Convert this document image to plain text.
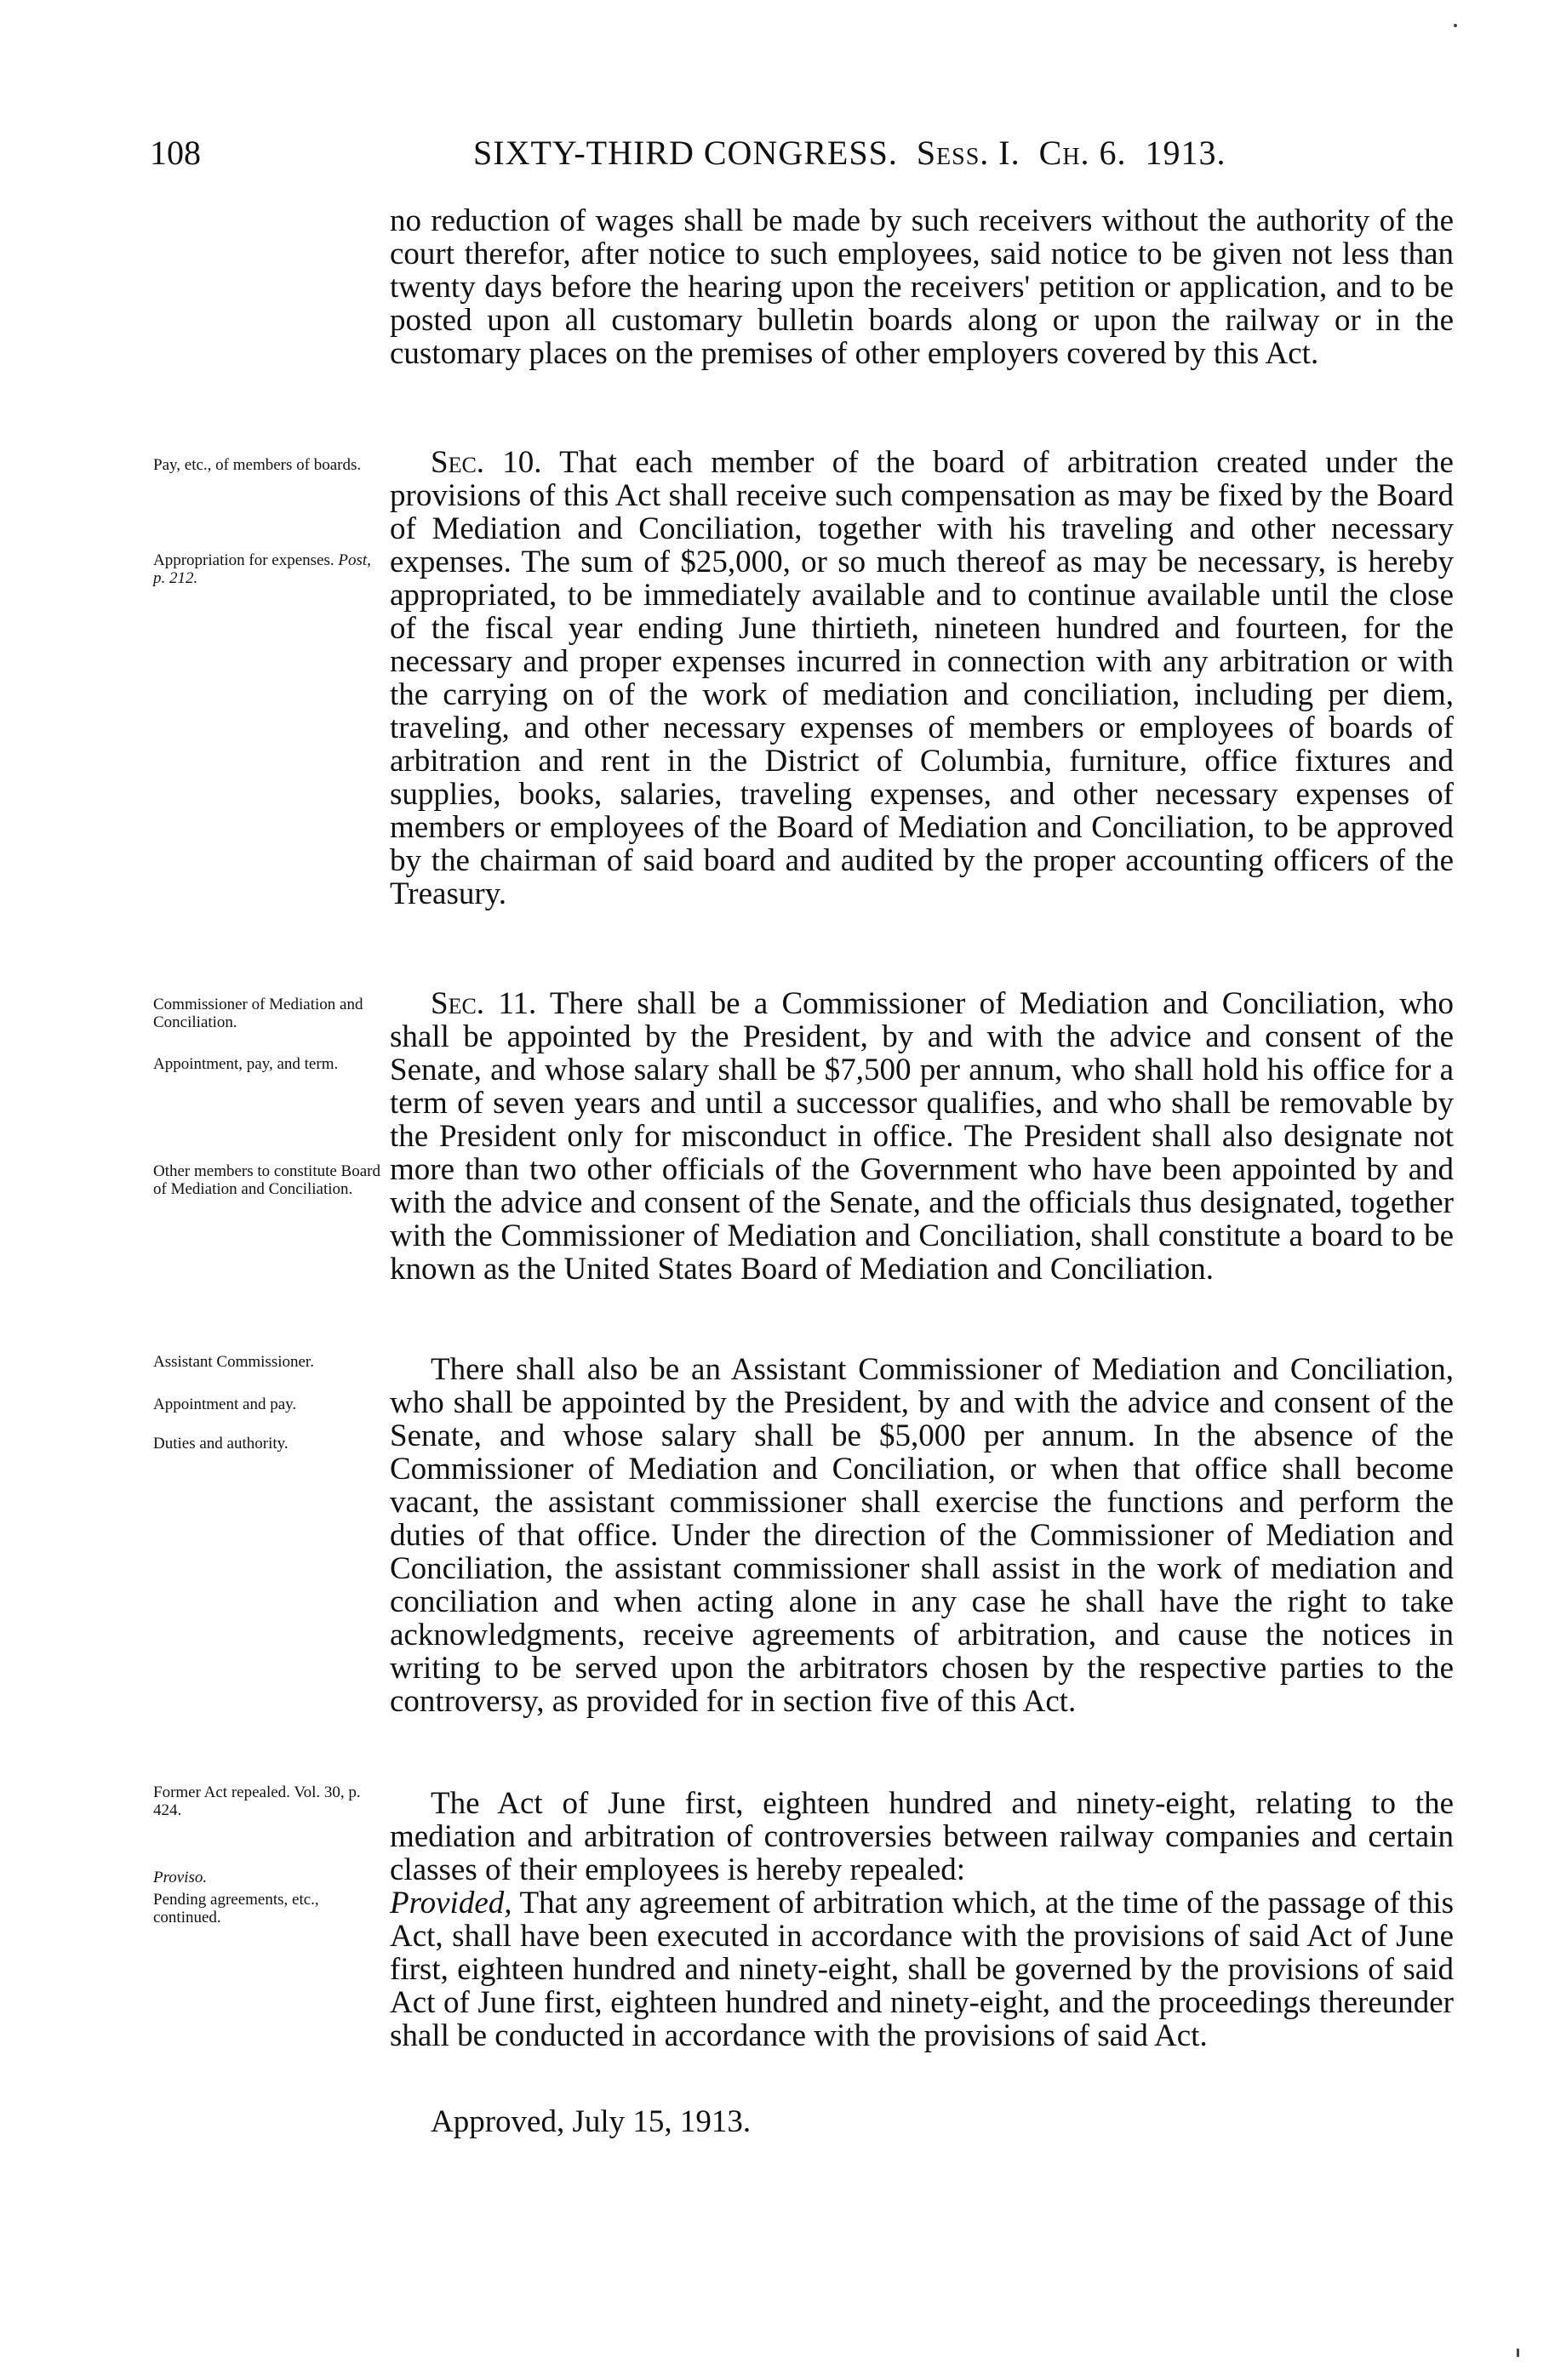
108	SIXTY-THIRD CONGRESS. Sess. I. Ch. 6. 1913.

no reduction of wages shall be made by such receivers without the authority of the court therefor, after notice to such employees, said notice to be given not less than twenty days before the hearing upon the receivers' petition or application, and to be posted upon all customary bulletin boards along or upon the railway or in the customary places on the premises of other employers covered by this Act.

Pay, etc., of members of boards.	Sec. 10. That each member of the board of arbitration created under the provisions of this Act shall receive such compensation as may be fixed by the Board of Mediation and Conciliation, together with his traveling and other necessary expenses. The sum of $25,000, or so much thereof as may be necessary, is hereby appropriated, to be immediately available and to continue available until the close of the fiscal year ending June thirtieth, nineteen hundred and fourteen, for the necessary and proper expenses incurred in connection with any arbitration or with the carrying on of the work of mediation and conciliation, including per diem, traveling, and other necessary expenses of members or employees of boards of arbitration and rent in the District of Columbia, furniture, office fixtures and supplies, books, salaries, traveling expenses, and other necessary expenses of members or employees of the Board of Mediation and Conciliation, to be approved by the chairman of said board and audited by the proper accounting officers of the Treasury.

Appropriation for expenses. Post, p. 212.

Commissioner of Mediation and Conciliation.

Appointment, pay, and term.

Sec. 11. There shall be a Commissioner of Mediation and Conciliation, who shall be appointed by the President, by and with the advice and consent of the Senate, and whose salary shall be $7,500 per annum, who shall hold his office for a term of seven years and until a successor qualifies, and who shall be removable by the President only for misconduct in office. The President shall also designate not more than two other officials of the Government who have been appointed by and with the advice and consent of the Senate, and the officials thus designated, together with the Commissioner of Mediation and Conciliation, shall constitute a board to be known as the United States Board of Mediation and Conciliation.

Other members to constitute Board of Mediation and Conciliation.

Assistant Commissioner.

Appointment and pay.

Duties and authority.

There shall also be an Assistant Commissioner of Mediation and Conciliation, who shall be appointed by the President, by and with the advice and consent of the Senate, and whose salary shall be $5,000 per annum. In the absence of the Commissioner of Mediation and Conciliation, or when that office shall become vacant, the assistant commissioner shall exercise the functions and perform the duties of that office. Under the direction of the Commissioner of Mediation and Conciliation, the assistant commissioner shall assist in the work of mediation and conciliation and when acting alone in any case he shall have the right to take acknowledgments, receive agreements of arbitration, and cause the notices in writing to be served upon the arbitrators chosen by the respective parties to the controversy, as provided for in section five of this Act.

Former Act repealed. Vol. 30, p. 424.	The Act of June first, eighteen hundred and ninety-eight, relating to the mediation and arbitration of controversies between railway companies and certain classes of their employees is hereby repealed:

Proviso.

Pending agreements, etc., continued.	Provided, That any agreement of arbitration which, at the time of the passage of this Act, shall have been executed in accordance with the provisions of said Act of June first, eighteen hundred and ninety-eight, shall be governed by the provisions of said Act of June first, eighteen hundred and ninety-eight, and the proceedings thereunder shall be conducted in accordance with the provisions of said Act.

Approved, July 15, 1913.
